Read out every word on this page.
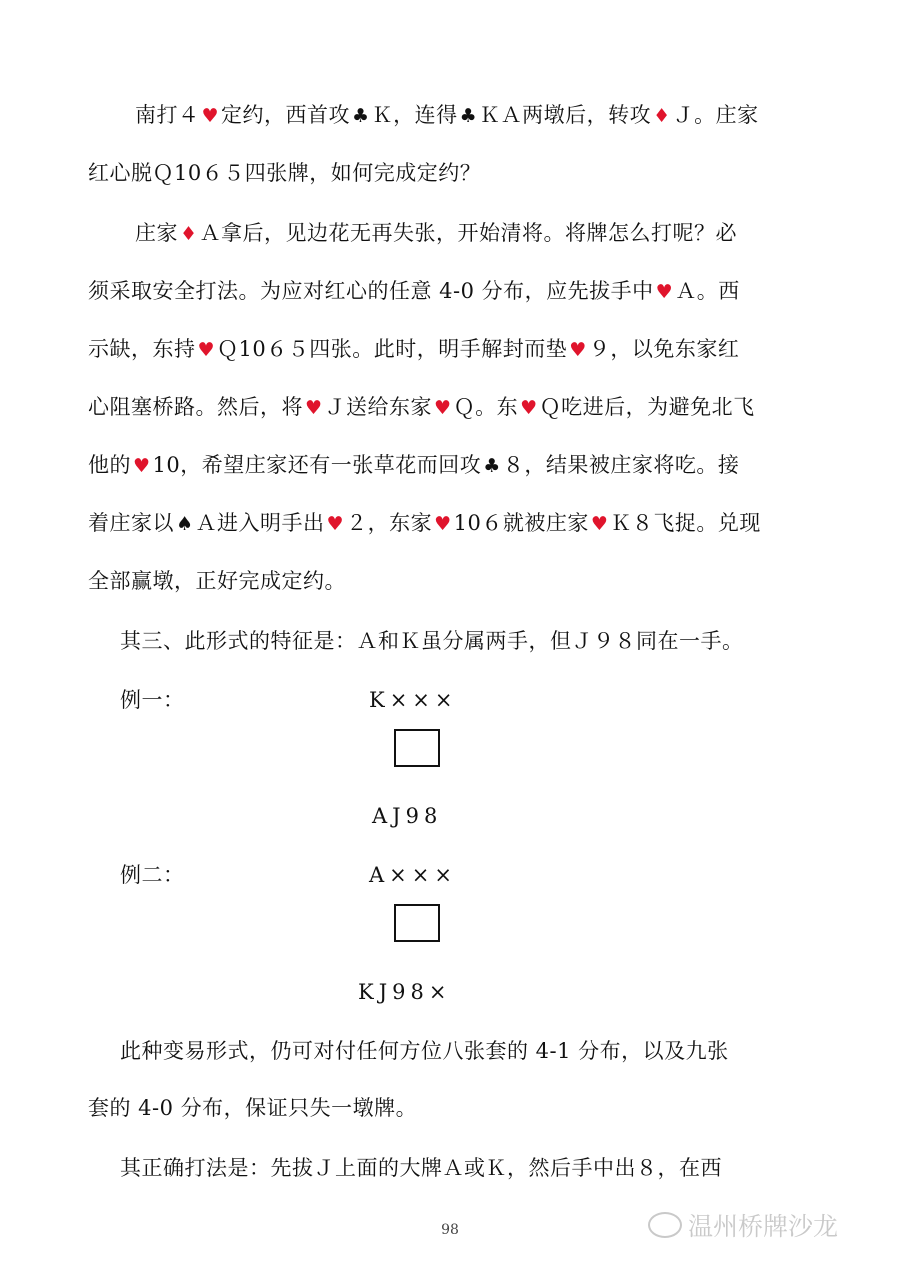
南打４ ♥定约，西首攻 ♣Ｋ，连得 ♣ＫＡ两墩后，转攻 ♦Ｊ。庄家
红心脱Ｑ10６５四张牌，如何完成定约？
庄家 ♦Ａ拿后，见边花无再失张，开始清将。将牌怎么打呢？必
须采取安全打法。为应对红心的任意 4-0 分布，应先拔手中 ♥Ａ。西
示缺，东持 ♥Ｑ10６５四张。此时，明手解封而垫 ♥９，以免东家红
心阻塞桥路。然后，将 ♥Ｊ送给东家 ♥Ｑ。东 ♥Ｑ吃进后，为避免北飞
他的 ♥10，希望庄家还有一张草花而回攻 ♣８，结果被庄家将吃。接
着庄家以 ♠Ａ进入明手出 ♥２，东家 ♥10６就被庄家 ♥Ｋ８飞捉。兑现
全部赢墩，正好完成定约。
其三、此形式的特征是：Ａ和Ｋ虽分属两手，但Ｊ９８同在一手。
例一：	K×××
AJ98
例二：	A×××
KJ98×
此种变易形式，仍可对付任何方位八张套的 4-1 分布，以及九张
套的 4-0 分布，保证只失一墩牌。
其正确打法是：先拔Ｊ上面的大牌Ａ或Ｋ，然后手中出８，在西
98	温州桥牌沙龙
